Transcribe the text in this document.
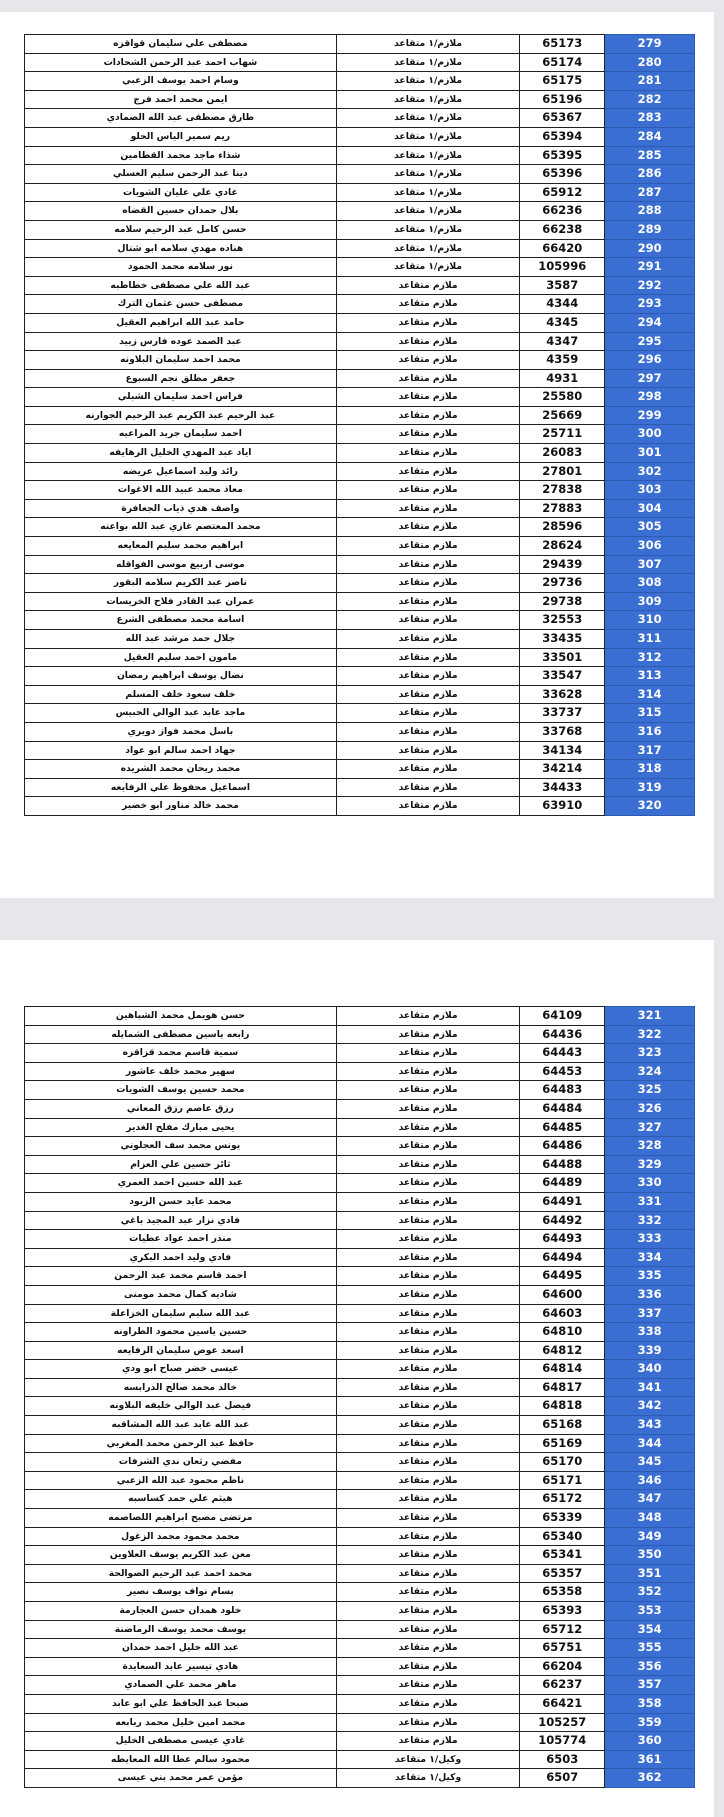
مصطفى علي سليمان قواقزه	ملازم/١ متقاعد	65173	279
شهاب احمد عبد الرحمن الشحادات	ملازم/١ متقاعد	65174	280
وسام احمد يوسف الزعبي	ملازم/١ متقاعد	65175	281
ايمن محمد احمد فرج	ملازم/١ متقاعد	65196	282
طارق مصطفى عبد الله الصمادي	ملازم/١ متقاعد	65367	283
ريم سمير الياس الحلو	ملازم/١ متقاعد	65394	284
شذاء ماجد محمد القطامين	ملازم/١ متقاعد	65395	285
دينا عبد الرحمن سليم العسلي	ملازم/١ متقاعد	65396	286
غادي علي عليان الشويات	ملازم/١ متقاعد	65912	287
بلال حمدان حسين القضاه	ملازم/١ متقاعد	66236	288
حسن كامل عبد الرحيم سلامه	ملازم/١ متقاعد	66238	289
هناده مهدي سلامه ابو شتال	ملازم/١ متقاعد	66420	290
نور سلامه محمد الحمود	ملازم/١ متقاعد	105996	291
عبد الله علي مصطفى خطاطبه	ملازم متقاعد	3587	292
مصطفى حسن عثمان الترك	ملازم متقاعد	4344	293
حامد عبد الله ابراهيم العقيل	ملازم متقاعد	4345	294
عبد الصمد عوده فارس زبيد	ملازم متقاعد	4347	295
محمد احمد سليمان البلاونه	ملازم متقاعد	4359	296
جعفر مطلق نجم السبوع	ملازم متقاعد	4931	297
فراس احمد سليمان الشبلي	ملازم متقاعد	25580	298
عبد الرحيم عبد الكريم عبد الرحيم الجوارنه	ملازم متقاعد	25669	299
احمد سليمان جريد المراعيه	ملازم متقاعد	25711	300
اياد عبد المهدي الخليل الرهايفه	ملازم متقاعد	26083	301
رائد وليد اسماعيل عريضه	ملازم متقاعد	27801	302
معاذ محمد عبيد الله الاغوات	ملازم متقاعد	27838	303
واصف هدي ذياب الجعافرة	ملازم متقاعد	27883	304
محمد المعتصم غازي عبد الله بواعنه	ملازم متقاعد	28596	305
ابراهيم محمد سليم المعايعه	ملازم متقاعد	28624	306
موسى اربيع موسى الفواقله	ملازم متقاعد	29439	307
ناصر عبد الكريم سلامه البقور	ملازم متقاعد	29736	308
عمران عبد القادر فلاح الخريسات	ملازم متقاعد	29738	309
اسامة محمد مصطفى الشرع	ملازم متقاعد	32553	310
جلال حمد مرشد عبد الله	ملازم متقاعد	33435	311
مامون احمد سليم العقيل	ملازم متقاعد	33501	312
نضال يوسف ابراهيم رمضان	ملازم متقاعد	33547	313
خلف سعود خلف المسلم	ملازم متقاعد	33628	314
ماجد عابد عبد الوالي الحبيس	ملازم متقاعد	33737	315
باسل محمد فواز دويري	ملازم متقاعد	33768	316
جهاد احمد سالم ابو عواد	ملازم متقاعد	34134	317
محمد ريحان محمد الشريده	ملازم متقاعد	34214	318
اسماعيل محفوظ علي الرفايعه	ملازم متقاعد	34433	319
محمد خالد مناور ابو خضير	ملازم متقاعد	63910	320
حسن هويمل محمد الشياهين	ملازم متقاعد	64109	321
رابعه ياسين مصطفى الشمايله	ملازم متقاعد	64436	322
سمية قاسم محمد قزاقزه	ملازم متقاعد	64443	323
سهير محمد خلف عاشور	ملازم متقاعد	64453	324
محمد حسين يوسف الشويات	ملازم متقاعد	64483	325
رزق عاصم رزق المعاني	ملازم متقاعد	64484	326
يحيى مبارك مفلح الغدير	ملازم متقاعد	64485	327
يونس محمد سف العجلوني	ملازم متقاعد	64486	328
ثائر حسين علي العزام	ملازم متقاعد	64488	329
عبد الله حسين احمد العمري	ملازم متقاعد	64489	330
محمد عايد حسن الزيود	ملازم متقاعد	64491	331
فادي نزار عبد المجيد باغي	ملازم متقاعد	64492	332
منذر احمد عواد عطيات	ملازم متقاعد	64493	333
فادي وليد احمد البكري	ملازم متقاعد	64494	334
احمد قاسم محمد عبد الرحمن	ملازم متقاعد	64495	335
شاديه كمال محمد مومنى	ملازم متقاعد	64600	336
عبد الله سليم سليمان الخزاعلة	ملازم متقاعد	64603	337
حسين ياسين محمود الطراونه	ملازم متقاعد	64810	338
اسعد عوض سليمان الرفايعه	ملازم متقاعد	64812	339
عيسى خضر صباح ابو ودي	ملازم متقاعد	64814	340
خالد محمد صالح الدرابسه	ملازم متقاعد	64817	341
فيصل عبد الوالي خليفه البلاونه	ملازم متقاعد	64818	342
عبد الله عابد عبد الله المشاقبه	ملازم متقاعد	65168	343
حافظ عبد الرحمن محمد المغربي	ملازم متقاعد	65169	344
مفضي رثعان ندي الشرفات	ملازم متقاعد	65170	345
ناظم محمود عبد الله الزعبي	ملازم متقاعد	65171	346
هيثم علي حمد كساسبه	ملازم متقاعد	65172	347
مرتضى مصبح ابراهيم اللصاصمه	ملازم متقاعد	65339	348
محمد محمود محمد الزغول	ملازم متقاعد	65340	349
معن عبد الكريم يوسف العلاوين	ملازم متقاعد	65341	350
محمد احمد عبد الرحيم الصوالحة	ملازم متقاعد	65357	351
بسام نواف يوسف نصير	ملازم متقاعد	65358	352
خلود همدان حسن العجارمة	ملازم متقاعد	65393	353
يوسف محمد يوسف الرماضنة	ملازم متقاعد	65712	354
عبد الله خليل احمد حمدان	ملازم متقاعد	65751	355
هادي تيسير عابد السعايدة	ملازم متقاعد	66204	356
ماهر محمد علي الصمادي	ملازم متقاعد	66237	357
صبحا عبد الحافظ علي ابو عابد	ملازم متقاعد	66421	358
محمد امين خليل محمد ربابعه	ملازم متقاعد	105257	359
غادي عيسى مصطفى الخليل	ملازم متقاعد	105774	360
محمود سالم عطا الله المعايطه	وكيل/١ متقاعد	6503	361
مؤمن عمر محمد بني عيسى	وكيل/١ متقاعد	6507	362
